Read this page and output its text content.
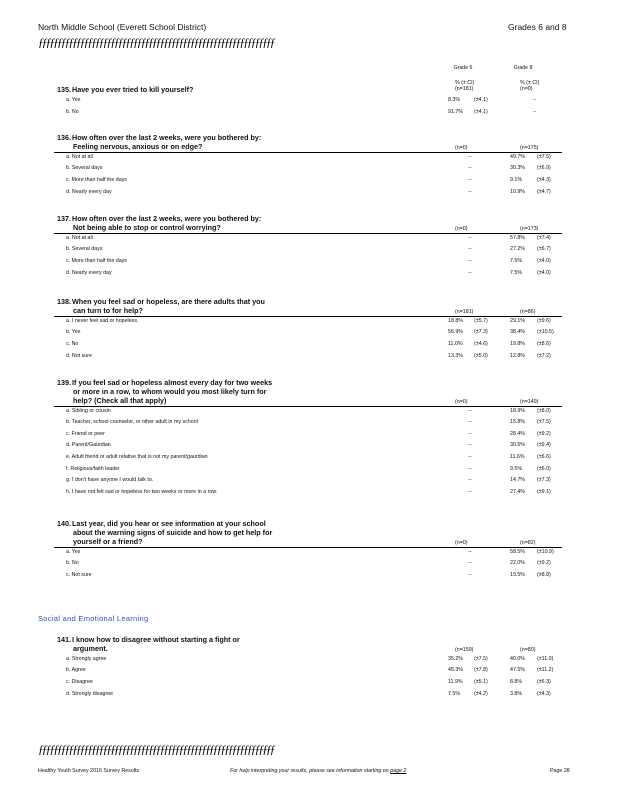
North Middle School (Everett School District)	Grades 6 and 8
ƒƒƒƒƒƒƒƒƒƒƒƒƒƒƒƒƒƒƒƒƒƒƒƒƒƒƒƒƒƒƒƒƒƒƒƒƒƒƒƒƒƒƒƒƒƒƒƒƒƒƒƒƒƒƒƒƒƒƒƒƒƒ
Grade 6	Grade 8
135.Have you ever tried to kill yourself?
% (± CI)	% (± CI)
(n=181)	(n=0)
a. Yes	8.3%	(±4.1)	--
b. No	91.7% (±4.1)	--
136.How often over the last 2 weeks, were you bothered by:
Feeling nervous, anxious or on edge?	(n=0)	(n=175)
a. Not at all	--	49.7% (±7.5)
b. Several days	--	30.3% (±6.9)
c. More than half the days	--	9.1%	(±4.3)
d. Nearly every day	--	10.9% (±4.7)
137.How often over the last 2 weeks, were you bothered by:
Not being able to stop or control worrying?	(n=0)	(n=173)
a. Not at all	--	57.8% (±7.4)
b. Several days	--	27.2% (±6.7)
c. More than half the days	--	7.5%	(±4.0)
d. Nearly every day	--	7.5%	(±4.0)
138.When you feel sad or hopeless, are there adults that you
can turn to for help?	(n=181)	(n=86)
a. I never feel sad or hopeless.	18.8% (±5.7)	29.1% (±9.6)
b. Yes	56.9% (±7.3)	38.4% (±10.5)
c. No	11.0% (±4.6)	19.8% (±8.6)
d. Not sure	13.3% (±5.0)	12.8% (±7.2)
139.If you feel sad or hopeless almost every day for two weeks
or more in a row, to whom would you most likely turn for
help? (Check all that apply)	(n=0)	(n=149)
a. Sibling or cousin	--	18.9% (±8.0)
b. Teacher, school counselor, or other adult in my school	--	15.8% (±7.5)
c. Friend or peer	--	28.4% (±9.2)
d. Parent/Gaurdian	--	30.5% (±9.4)
e. Adult friend or adult relative that is not my parent/gaurdian	--	11.6% (±6.6)
f. Religious/faith leader	--	9.5%	(±6.0)
g. I don't have anyone I would talk to.	--	14.7% (±7.3)
h. I have not felt sad or hopeless for two weeks or more in a row.	--	27.4% (±9.1)
140.Last year, did you hear or see information at your school
about the warning signs of suicide and how to get help for
yourself or a friend?	(n=0)	(n=82)
a. Yes	--	58.5% (±10.9)
b. No	--	22.0% (±9.2)
c. Not sure	--	19.5% (±8.8)
141.I know how to disagree without starting a fight or
argument.	(n=159)	(n=80)
a. Strongly agree	35.2% (±7.5)	40.0% (±11.0)
b. Agree	45.3% (±7.8)	47.5% (±11.2)
c. Disagree	11.9% (±5.1)	8.8%	(±6.3)
d. Strongly disagree	7.5%	(±4.2)	3.8%	(±4.3)
Social and Emotional Learning
ƒƒƒƒƒƒƒƒƒƒƒƒƒƒƒƒƒƒƒƒƒƒƒƒƒƒƒƒƒƒƒƒƒƒƒƒƒƒƒƒƒƒƒƒƒƒƒƒƒƒƒƒƒƒƒƒƒƒƒƒƒƒ
Healthy Youth Survey 2016 Survey Results	For help interpreting your results, please see information starting on page 2	Page 28
